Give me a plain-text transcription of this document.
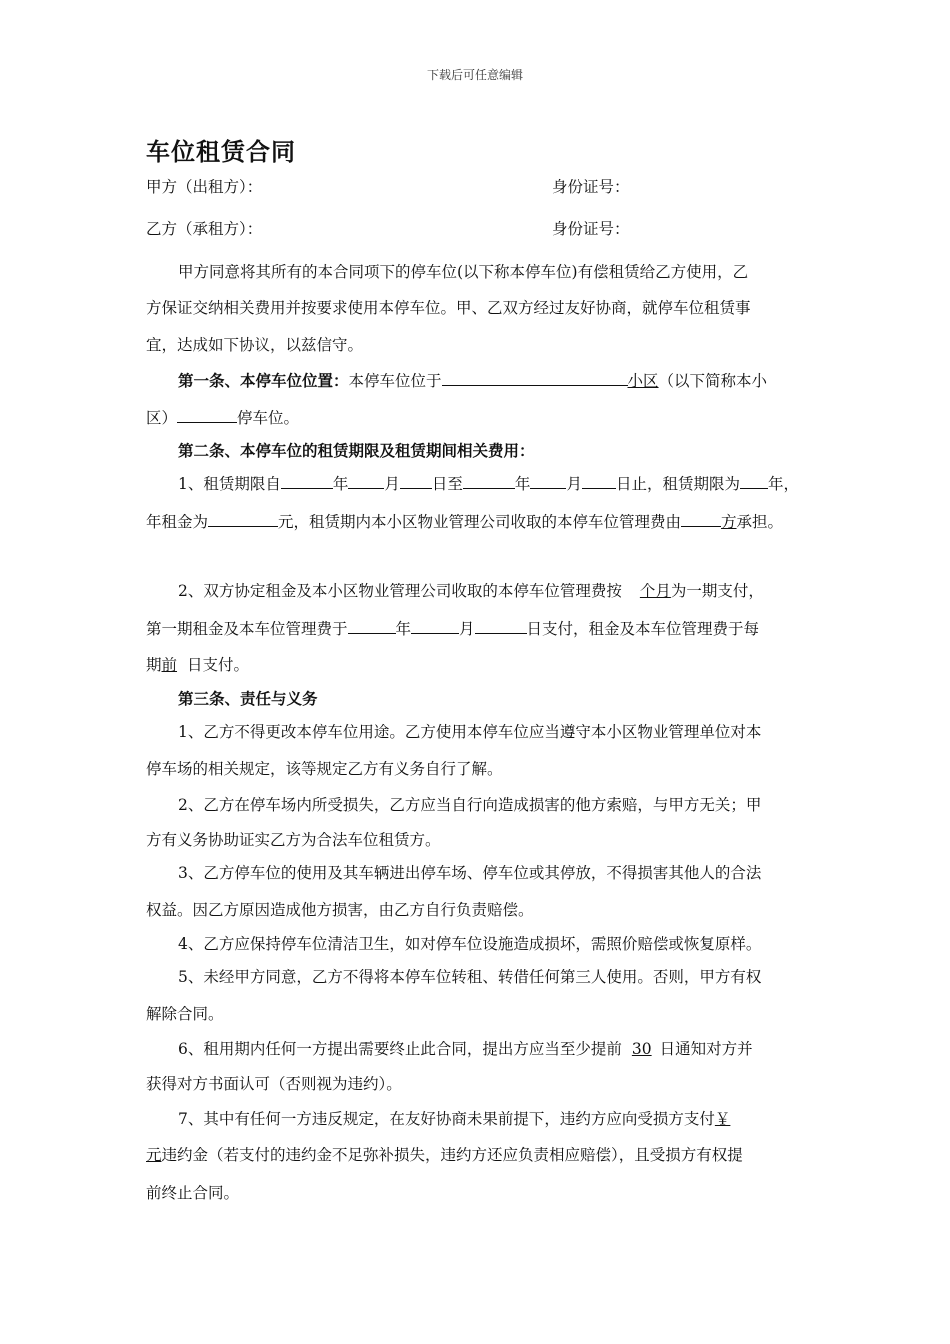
下载后可任意编辑
车位租赁合同
甲方（出租方）：	身份证号：
乙方（承租方）：	身份证号：
甲方同意将其所有的本合同项下的停车位(以下称本停车位)有偿租赁给乙方使用，乙
方保证交纳相关费用并按要求使用本停车位。甲、乙双方经过友好协商，就停车位租赁事
宜，达成如下协议，以兹信守。
第一条、本停车位位置：本停车位位于	小区（以下简称本小
区）	停车位。
第二条、本停车位的租赁期限及租赁期间相关费用：
1、租赁期限自	年 月 日至	年 月 日止，租赁期限为 年，
年租金为	元，租赁期内本小区物业管理公司收取的本停车位管理费由	方承担。
2、双方协定租金及本小区物业管理公司收取的本停车位管理费按 个月为一期支付，
第一期租金及本车位管理费于	年	月	日支付，租金及本车位管理费于每
期前 日支付。
第三条、责任与义务
1、乙方不得更改本停车位用途。乙方使用本停车位应当遵守本小区物业管理单位对本
停车场的相关规定，该等规定乙方有义务自行了解。
2、乙方在停车场内所受损失，乙方应当自行向造成损害的他方索赔，与甲方无关；甲
方有义务协助证实乙方为合法车位租赁方。
3、乙方停车位的使用及其车辆进出停车场、停车位或其停放，不得损害其他人的合法
权益。因乙方原因造成他方损害，由乙方自行负责赔偿。
4、乙方应保持停车位清洁卫生，如对停车位设施造成损坏，需照价赔偿或恢复原样。
5、未经甲方同意，乙方不得将本停车位转租、转借任何第三人使用。否则，甲方有权
解除合同。
6、租用期内任何一方提出需要终止此合同，提出方应当至少提前 30 日通知对方并
获得对方书面认可（否则视为违约）。
7、其中有任何一方违反规定，在友好协商未果前提下，违约方应向受损方支付￥
元违约金（若支付的违约金不足弥补损失，违约方还应负责相应赔偿），且受损方有权提
前终止合同。
